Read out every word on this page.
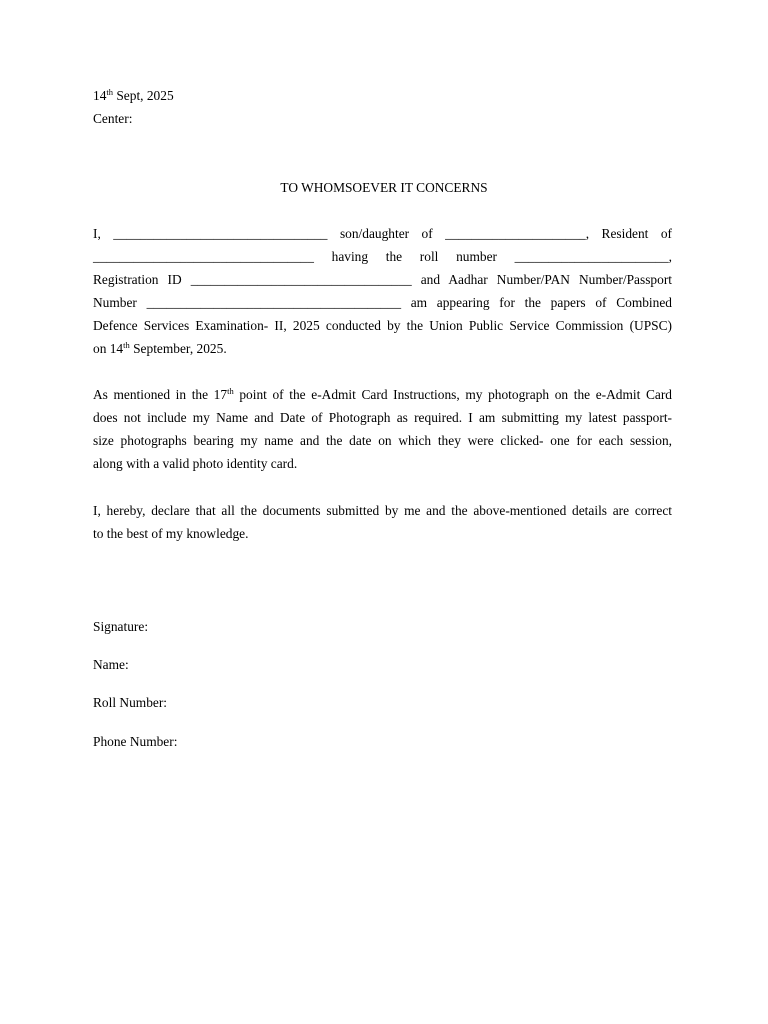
14th Sept, 2025
Center:
TO WHOMSOEVER IT CONCERNS
I, ________________________________ son/daughter of _____________________, Resident of
_________________________________ having the roll number _______________________,
Registration ID _________________________________ and Aadhar Number/PAN Number/Passport
Number ______________________________________ am appearing for the papers of Combined
Defence Services Examination- II, 2025 conducted by the Union Public Service Commission (UPSC)
on 14th September, 2025.
As mentioned in the 17th point of the e-Admit Card Instructions, my photograph on the e-Admit Card
does not include my Name and Date of Photograph as required. I am submitting my latest passport-
size photographs bearing my name and the date on which they were clicked- one for each session,
along with a valid photo identity card.
I, hereby, declare that all the documents submitted by me and the above-mentioned details are correct
to the best of my knowledge.
Signature:
Name:
Roll Number:
Phone Number:
